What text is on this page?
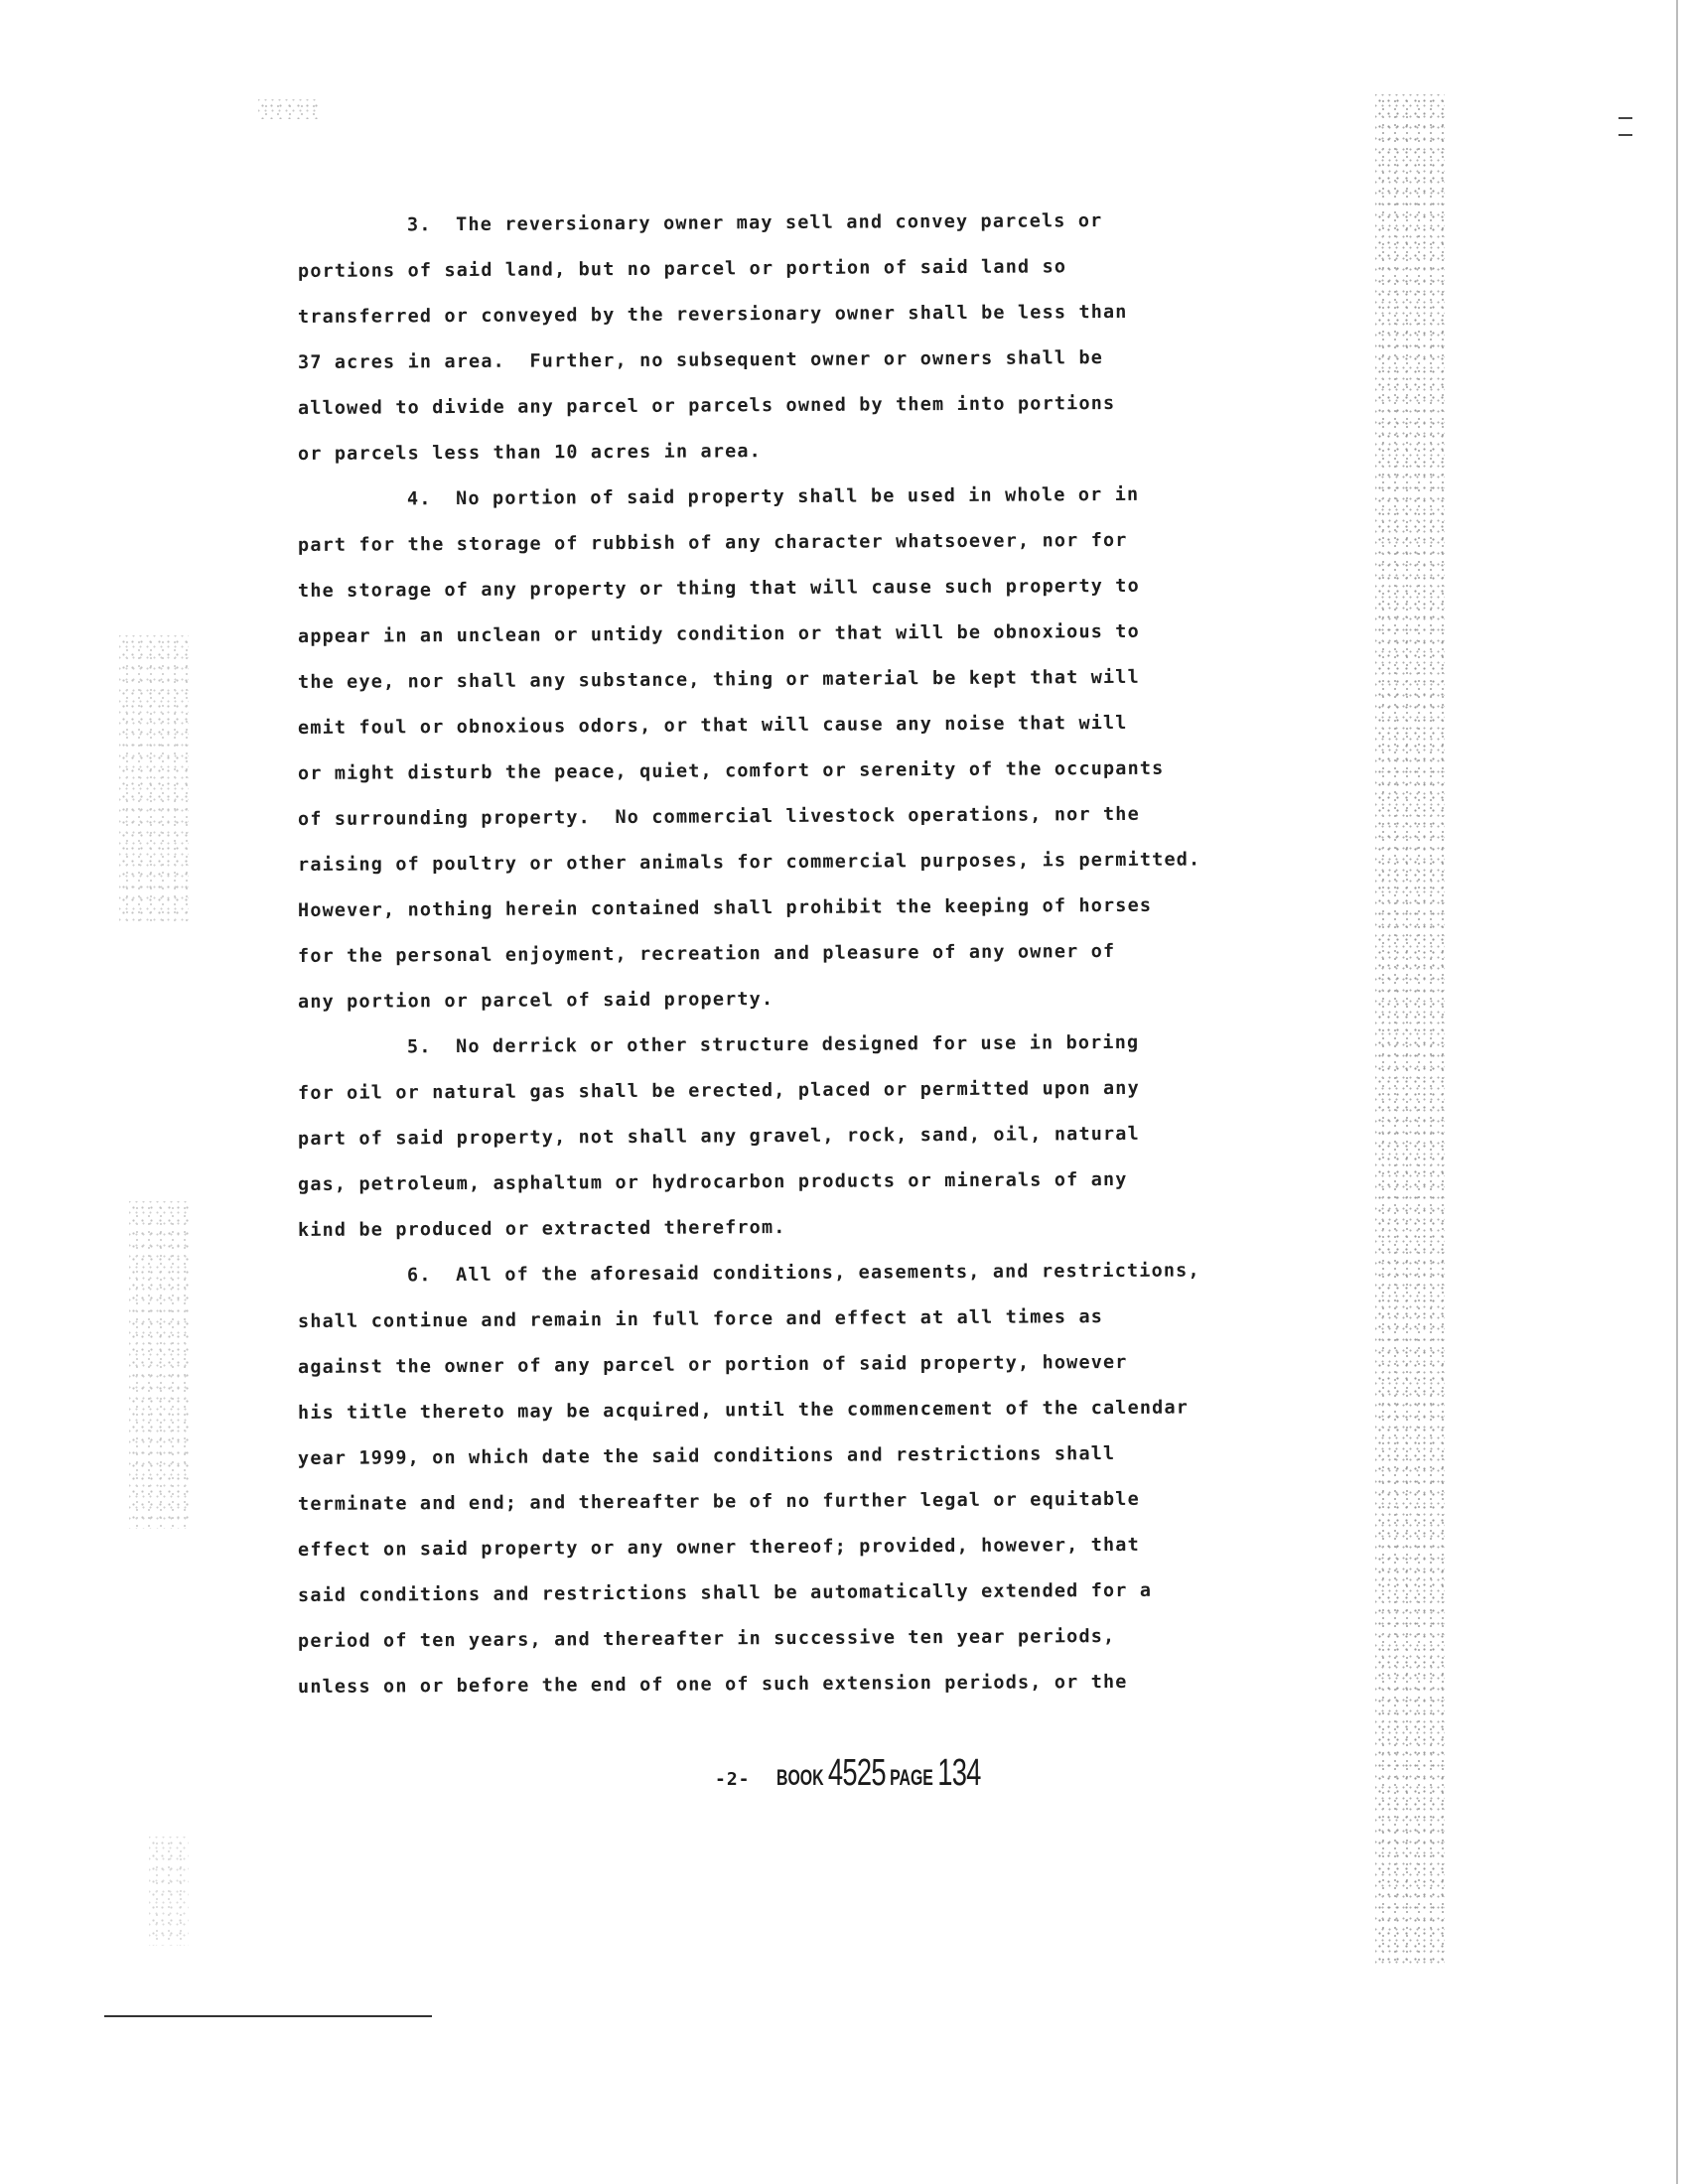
3.  The reversionary owner may sell and convey parcels or
portions of said land, but no parcel or portion of said land so
transferred or conveyed by the reversionary owner shall be less than
37 acres in area.  Further, no subsequent owner or owners shall be
allowed to divide any parcel or parcels owned by them into portions
or parcels less than 10 acres in area.
4.  No portion of said property shall be used in whole or in
part for the storage of rubbish of any character whatsoever, nor for
the storage of any property or thing that will cause such property to
appear in an unclean or untidy condition or that will be obnoxious to
the eye, nor shall any substance, thing or material be kept that will
emit foul or obnoxious odors, or that will cause any noise that will
or might disturb the peace, quiet, comfort or serenity of the occupants
of surrounding property.  No commercial livestock operations, nor the
raising of poultry or other animals for commercial purposes, is permitted.
However, nothing herein contained shall prohibit the keeping of horses
for the personal enjoyment, recreation and pleasure of any owner of
any portion or parcel of said property.
5.  No derrick or other structure designed for use in boring
for oil or natural gas shall be erected, placed or permitted upon any
part of said property, not shall any gravel, rock, sand, oil, natural
gas, petroleum, asphaltum or hydrocarbon products or minerals of any
kind be produced or extracted therefrom.
6.  All of the aforesaid conditions, easements, and restrictions,
shall continue and remain in full force and effect at all times as
against the owner of any parcel or portion of said property, however
his title thereto may be acquired, until the commencement of the calendar
year 1999, on which date the said conditions and restrictions shall
terminate and end; and thereafter be of no further legal or equitable
effect on said property or any owner thereof; provided, however, that
said conditions and restrictions shall be automatically extended for a
period of ten years, and thereafter in successive ten year periods,
unless on or before the end of one of such extension periods, or the
-2- BOOK 4525 PAGE 134
